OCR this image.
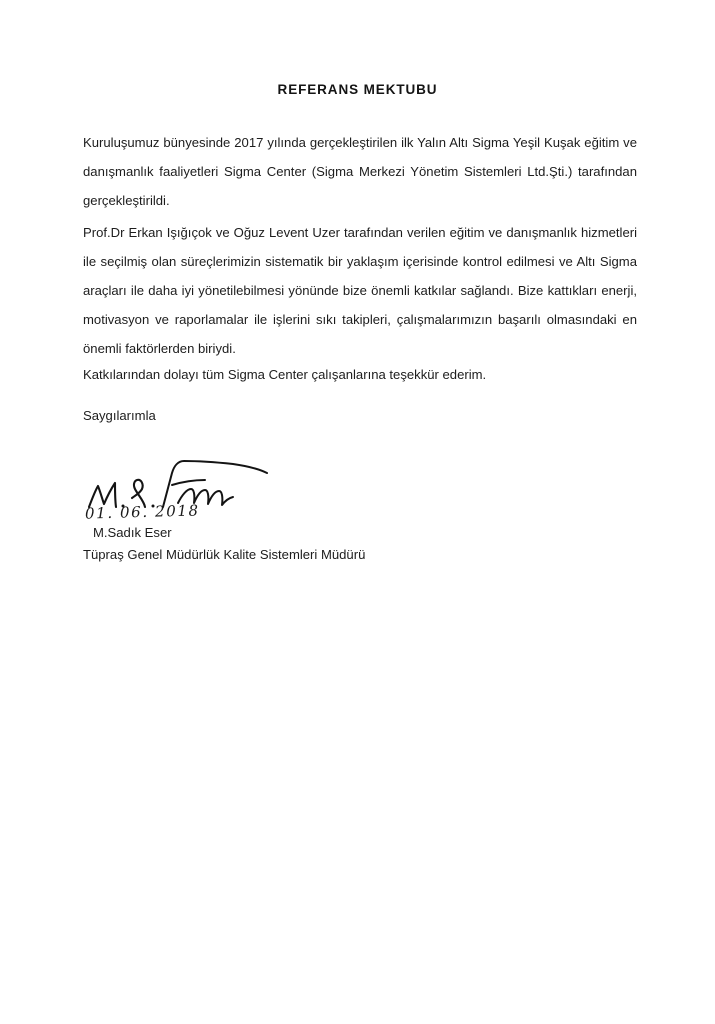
REFERANS MEKTUBU

Kuruluşumuz bünyesinde 2017 yılında gerçekleştirilen ilk Yalın Altı Sigma Yeşil Kuşak eğitim ve danışmanlık faaliyetleri Sigma Center (Sigma Merkezi Yönetim Sistemleri Ltd.Şti.) tarafından gerçekleştirildi.

Prof.Dr Erkan Işığıçok ve Oğuz Levent Uzer tarafından verilen eğitim ve danışmanlık hizmetleri ile seçilmiş olan süreçlerimizin sistematik bir yaklaşım içerisinde kontrol edilmesi ve Altı Sigma araçları ile daha iyi yönetilebilmesi yönünde bize önemli katkılar sağlandı. Bize kattıkları enerji, motivasyon ve raporlamalar ile işlerini sıkı takipleri, çalışmalarımızın başarılı olmasındaki en önemli faktörlerden biriydi.

Katkılarından dolayı tüm Sigma Center çalışanlarına teşekkür ederim.

Saygılarımla

01. 06. 2018
M.Sadık Eser
Tüpraş Genel Müdürlük Kalite Sistemleri Müdürü
